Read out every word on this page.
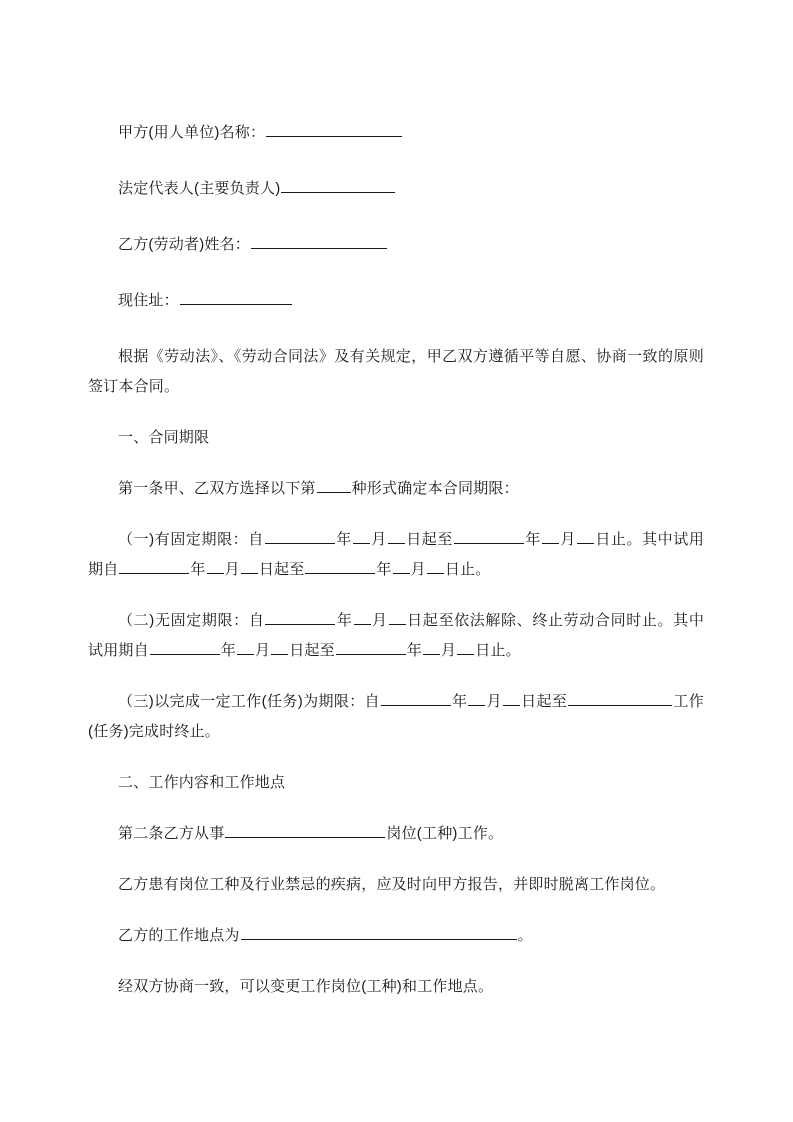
甲方(用人单位)名称：

法定代表人(主要负责人)

乙方(劳动者)姓名：

现住址：

根据《劳动法》、《劳动合同法》及有关规定，甲乙双方遵循平等自愿、协商一致的原则签订本合同。

一、合同期限

第一条甲、乙双方选择以下第 种形式确定本合同期限：

（一)有固定期限：自	年 月 日起至	年 月 日止。其中试用期自	年 月 日起至	年 月 日止。

（二)无固定期限：自	年 月 日起至依法解除、终止劳动合同时止。其中试用期自	年 月 日起至	年 月 日止。

（三)以完成一定工作(任务)为期限：自	年 月 日起至	工作(任务)完成时终止。

二、工作内容和工作地点

第二条乙方从事	岗位(工种)工作。

乙方患有岗位工种及行业禁忌的疾病，应及时向甲方报告，并即时脱离工作岗位。

乙方的工作地点为	。

经双方协商一致，可以变更工作岗位(工种)和工作地点。
